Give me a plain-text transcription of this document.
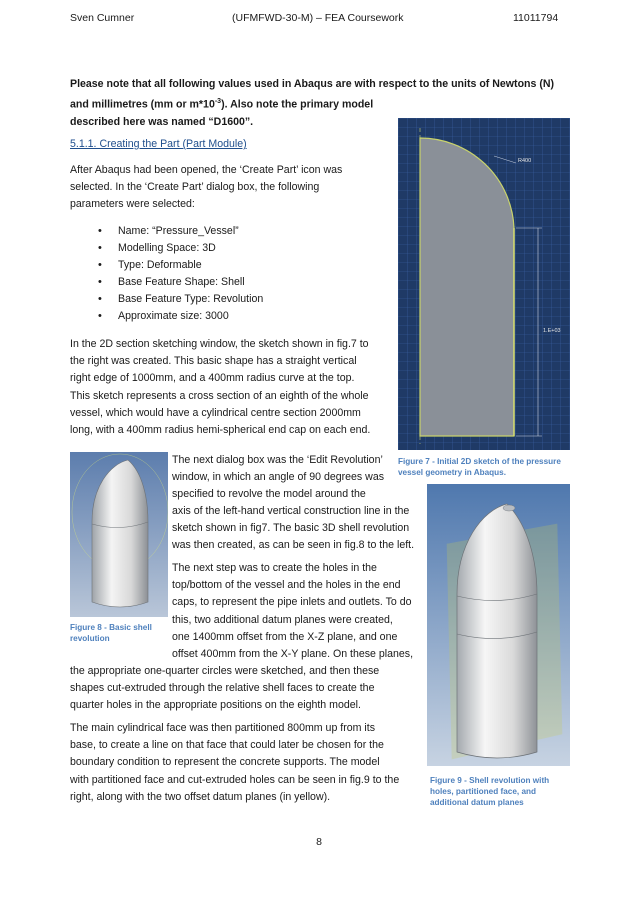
Sven Cumner	(UFMFWD-30-M) – FEA Coursework	11011794
Please note that all following values used in Abaqus are with respect to the units of Newtons (N)
and millimetres (mm or $m*10^{-3}$). Also note the primary model
described here was named “D1600”.
5.1.1. Creating the Part (Part Module)

After Abaqus had been opened, the ‘Create Part’ icon was

selected. In the ‘Create Part’ dialog box, the following

parameters were selected:

• Name: “Pressure_Vessel”
• Modelling Space: 3D
• Type: Deformable
• Base Feature Shape: Shell
• Base Feature Type: Revolution
• Approximate size: 3000

In the 2D section sketching window, the sketch shown in fig.7 to

the right was created. This basic shape has a straight vertical

right edge of 1000mm, and a 400mm radius curve at the top.

This sketch represents a cross section of an eighth of the whole

vessel, which would have a cylindrical centre section 2000mm

long, with a 400mm radius hemi-spherical end cap on each end.

R400
1.E+03
Figure 7 - Initial 2D sketch of the pressure
vessel geometry in Abaqus.
Figure 8 - Basic shell
revolution

The next dialog box was the ‘Edit Revolution’

window, in which an angle of 90 degrees was

specified to revolve the model around the

axis of the left-hand vertical construction line in the

sketch shown in fig7. The basic 3D shell revolution

was then created, as can be seen in fig.8 to the left.

Figure 9 - Shell revolution with
holes, partitioned face, and
additional datum planes

The next step was to create the holes in the

top/bottom of the vessel and the holes in the end

caps, to represent the pipe inlets and outlets. To do

this, two additional datum planes were created,

one 1400mm offset from the X-Z plane, and one

offset 400mm from the X-Y plane. On these planes,

the appropriate one-quarter circles were sketched, and then these

shapes cut-extruded through the relative shell faces to create the

quarter holes in the appropriate positions on the eighth model.

The main cylindrical face was then partitioned 800mm up from its

base, to create a line on that face that could later be chosen for the

boundary condition to represent the concrete supports. The model

with partitioned face and cut-extruded holes can be seen in fig.9 to the

right, along with the two offset datum planes (in yellow).

8
